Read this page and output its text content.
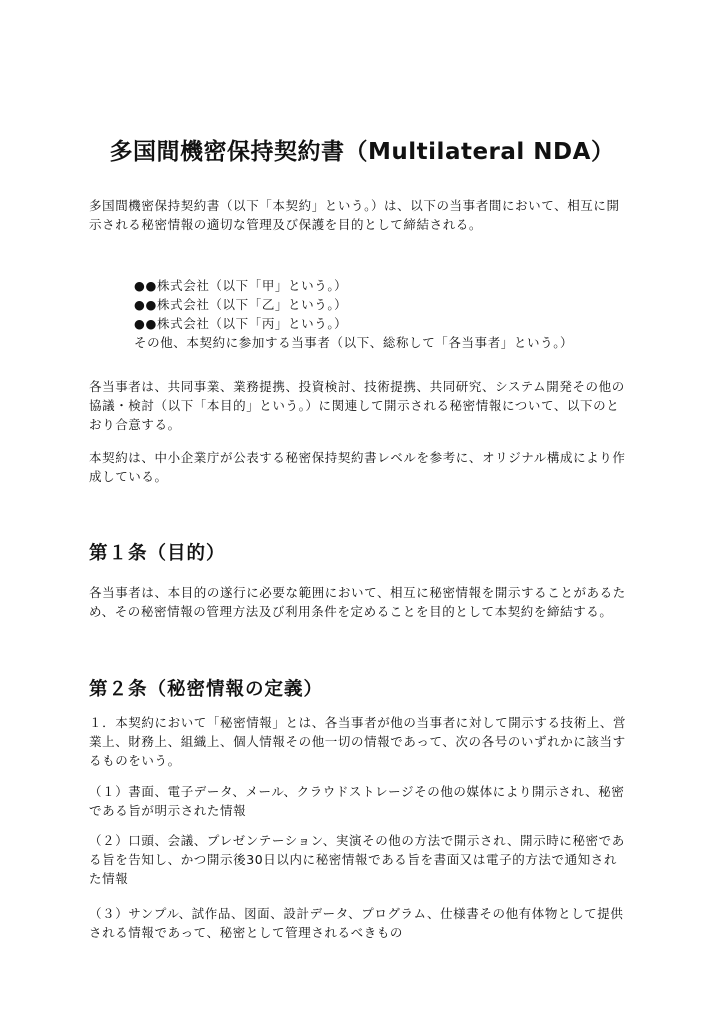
多国間機密保持契約書（Multilateral NDA）

多国間機密保持契約書（以下「本契約」という。）は、以下の当事者間において、相互に開
示される秘密情報の適切な管理及び保護を目的として締結される。

●●株式会社（以下「甲」という。）
●●株式会社（以下「乙」という。）
●●株式会社（以下「丙」という。）
その他、本契約に参加する当事者（以下、総称して「各当事者」という。）

各当事者は、共同事業、業務提携、投資検討、技術提携、共同研究、システム開発その他の
協議・検討（以下「本目的」という。）に関連して開示される秘密情報について、以下のと
おり合意する。

本契約は、中小企業庁が公表する秘密保持契約書レベルを参考に、オリジナル構成により作
成している。

第１条（目的）

各当事者は、本目的の遂行に必要な範囲において、相互に秘密情報を開示することがあるた
め、その秘密情報の管理方法及び利用条件を定めることを目的として本契約を締結する。

第２条（秘密情報の定義）

１．本契約において「秘密情報」とは、各当事者が他の当事者に対して開示する技術上、営
業上、財務上、組織上、個人情報その他一切の情報であって、次の各号のいずれかに該当す
るものをいう。

（１）書面、電子データ、メール、クラウドストレージその他の媒体により開示され、秘密
である旨が明示された情報

（２）口頭、会議、プレゼンテーション、実演その他の方法で開示され、開示時に秘密であ
る旨を告知し、かつ開示後30日以内に秘密情報である旨を書面又は電子的方法で通知され
た情報

（３）サンプル、試作品、図面、設計データ、プログラム、仕様書その他有体物として提供
される情報であって、秘密として管理されるべきもの
